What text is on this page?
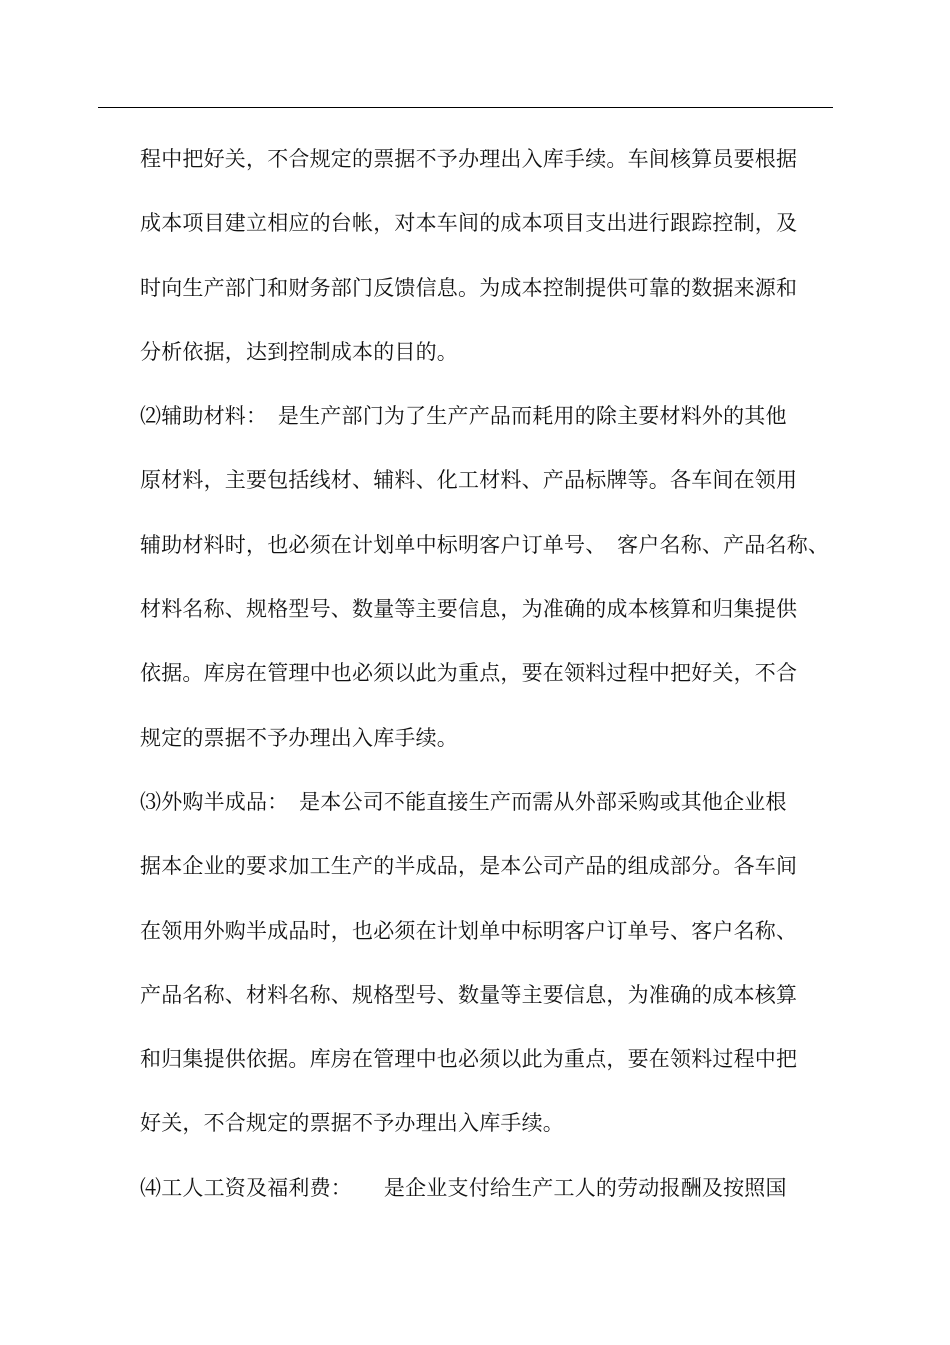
程中把好关，不合规定的票据不予办理出入库手续。车间核算员要根据
成本项目建立相应的台帐，对本车间的成本项目支出进行跟踪控制，及
时向生产部门和财务部门反馈信息。为成本控制提供可靠的数据来源和
分析依据，达到控制成本的目的。
⑵辅助材料：　是生产部门为了生产产品而耗用的除主要材料外的其他
原材料，主要包括线材、辅料、化工材料、产品标牌等。各车间在领用
辅助材料时，也必须在计划单中标明客户订单号、　客户名称、产品名称、
材料名称、规格型号、数量等主要信息，为准确的成本核算和归集提供
依据。库房在管理中也必须以此为重点，要在领料过程中把好关，不合
规定的票据不予办理出入库手续。
⑶外购半成品：　是本公司不能直接生产而需从外部采购或其他企业根
据本企业的要求加工生产的半成品，是本公司产品的组成部分。各车间
在领用外购半成品时，也必须在计划单中标明客户订单号、客户名称、
产品名称、材料名称、规格型号、数量等主要信息，为准确的成本核算
和归集提供依据。库房在管理中也必须以此为重点，要在领料过程中把
好关，不合规定的票据不予办理出入库手续。
⑷工人工资及福利费：　　是企业支付给生产工人的劳动报酬及按照国
